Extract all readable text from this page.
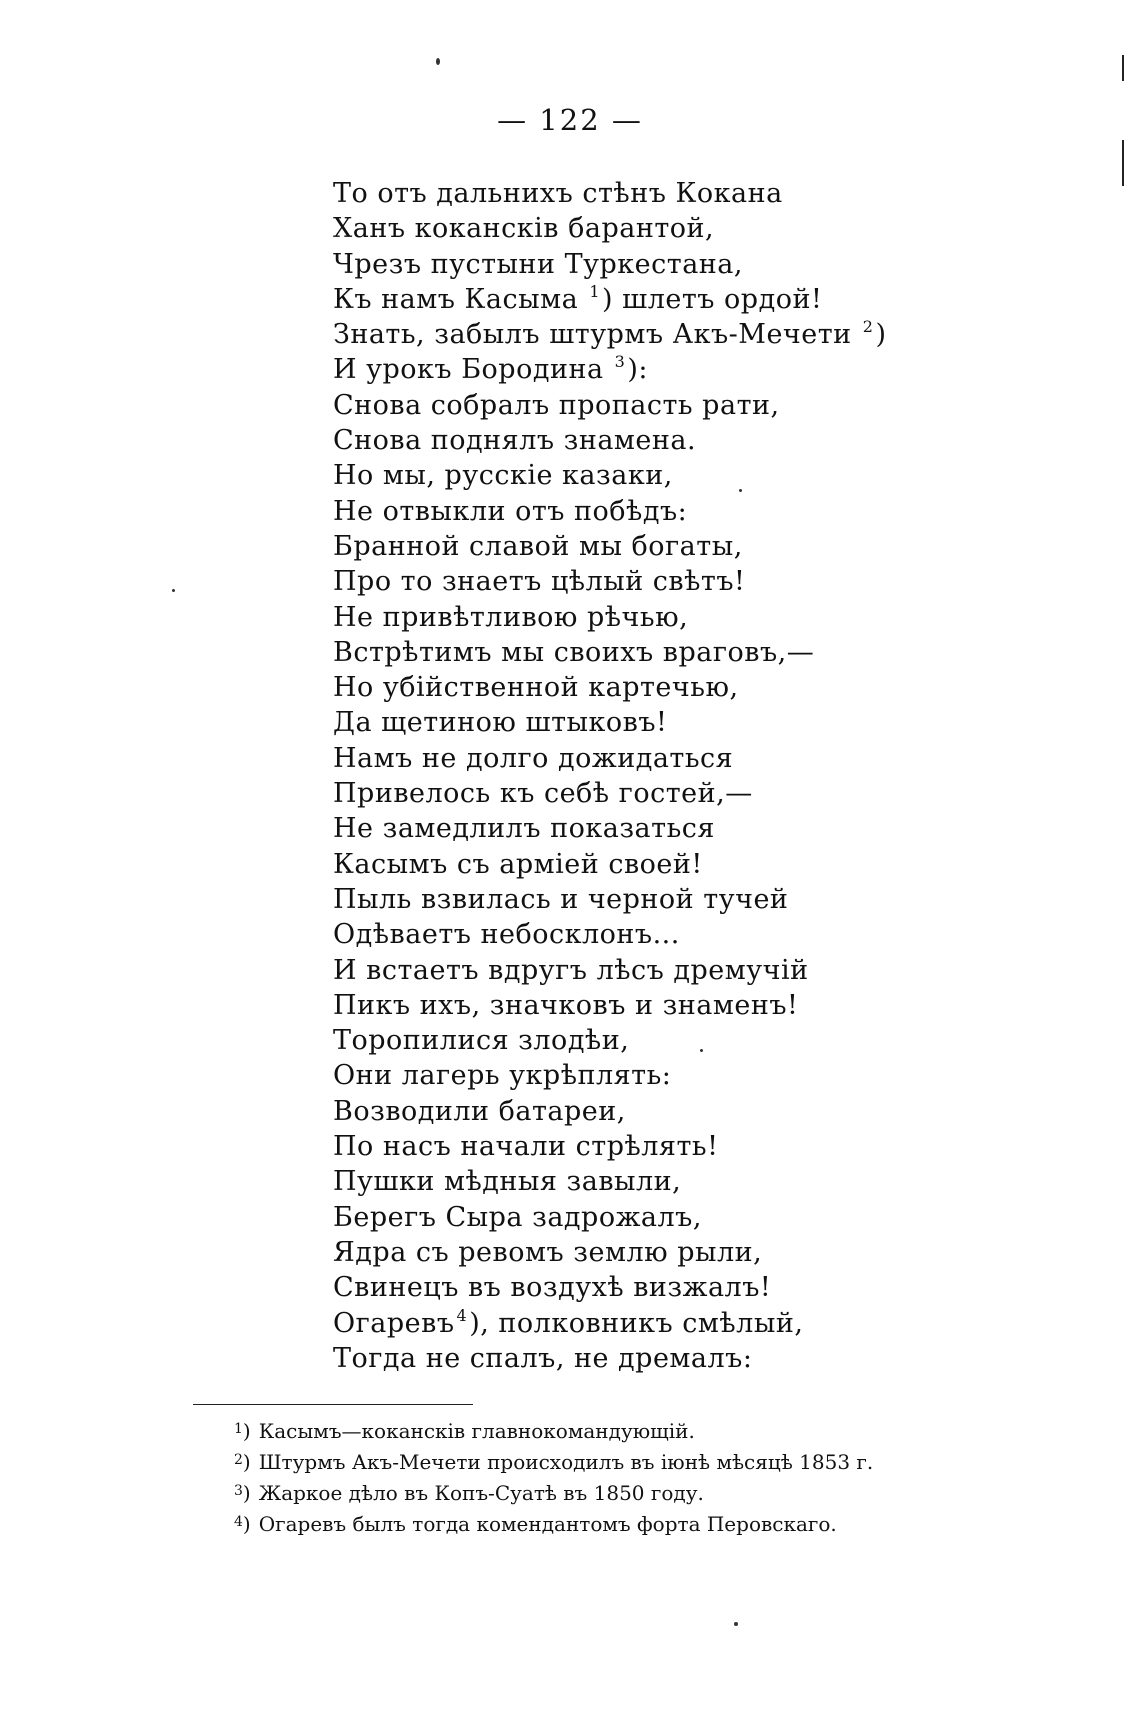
— 122 —
То отъ дальнихъ стѣнъ Кокана
Ханъ кокансків барантой,
Чрезъ пустыни Туркестана,
Къ намъ Касыма $^1$) шлетъ ордой!
Знать, забылъ штурмъ Акъ-Мечети $^2$)
И урокъ Бородина $^3$):
Снова собралъ пропасть рати,
Снова поднялъ знамена.
Но мы, русскіе казаки,
Не отвыкли отъ побѣдъ:
Бранной славой мы богаты,
Про то знаетъ цѣлый свѣтъ!
Не привѣтливою рѣчью,
Встрѣтимъ мы своихъ враговъ,—
Но убійственной картечью,
Да щетиною штыковъ!
Намъ не долго дожидаться
Привелось къ себѣ гостей,—
Не замедлилъ показаться
Касымъ съ арміей своей!
Пыль взвилась и черной тучей
Одѣваетъ небосклонъ...
И встаетъ вдругъ лѣсъ дремучій
Пикъ ихъ, значковъ и знаменъ!
Торопилися злодѣи,
Они лагерь укрѣплять:
Возводили батареи,
По насъ начали стрѣлять!
Пушки мѣдныя завыли,
Берегъ Сыра задрожалъ,
Ядра съ ревомъ землю рыли,
Свинецъ въ воздухѣ визжалъ!
Огаревъ $^4$), полковникъ смѣлый,
Тогда не спалъ, не дремалъ:
$^1$) Касымъ—кокансків главнокомандующій.
$^2$) Штурмъ Акъ-Мечети происходилъ въ іюнѣ мѣсяцѣ 1853 г.
$^3$) Жаркое дѣло въ Копъ-Суатѣ въ 1850 году.
$^4$) Огаревъ былъ тогда комендантомъ форта Перовскаго.
